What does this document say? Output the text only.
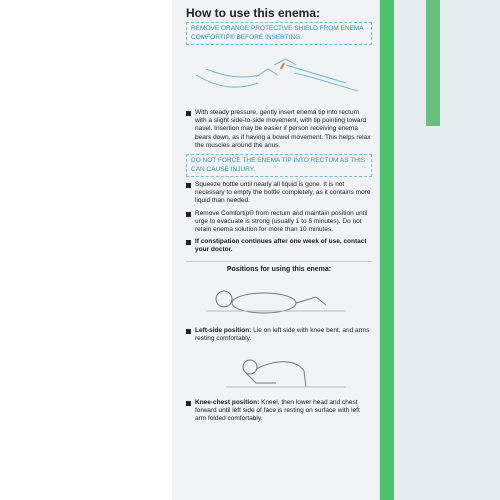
How to use this enema:
REMOVE ORANGE PROTECTIVE SHIELD FROM ENEMA COMFORTIP® BEFORE INSERTING.
With steady pressure, gently insert enema tip into rectum with a slight side-to-side movement, with tip pointing toward navel. Insertion may be easier if person receiving enema bears down, as if having a bowel movement. This helps relax the muscles around the anus.
DO NOT FORCE THE ENEMA TIP INTO RECTUM AS THIS CAN CAUSE INJURY.
Squeeze bottle until nearly all liquid is gone. It is not necessary to empty the bottle completely, as it contains more liquid than needed.
Remove Comfortip® from rectum and maintain position until urge to evacuate is strong (usually 1 to 5 minutes). Do not retain enema solution for more than 10 minutes.
If constipation continues after one week of use, contact your doctor.
Positions for using this enema:
Left-side position: Lie on left side with knee bent, and arms resting comfortably.
Knee-chest position: Kneel, then lower head and chest forward until left side of face is resting on surface with left arm folded comfortably.
